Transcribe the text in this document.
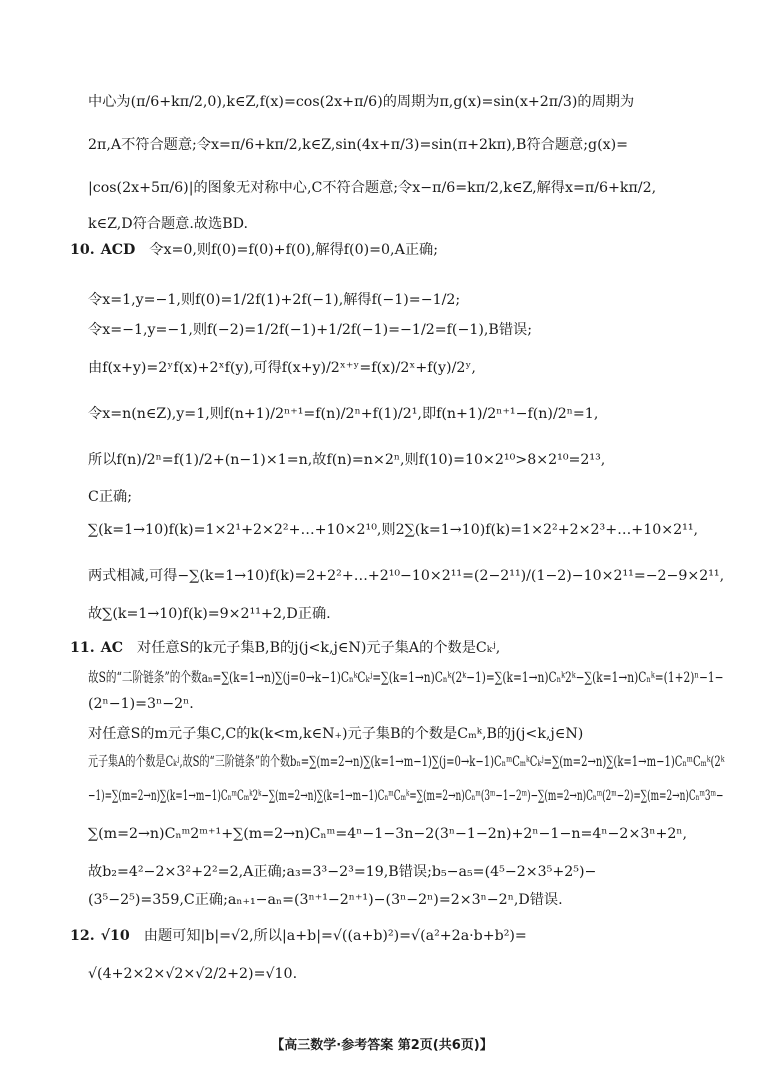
中心为(π/6+kπ/2,0),k∈Z,f(x)=cos(2x+π/6)的周期为π,g(x)=sin(x+2π/3)的周期为
2π,A不符合题意;令x=π/6+kπ/2,k∈Z,sin(4x+π/3)=sin(π+2kπ),B符合题意;g(x)=
|cos(2x+5π/6)|的图象无对称中心,C不符合题意;令x−π/6=kπ/2,k∈Z,解得x=π/6+kπ/2,
k∈Z,D符合题意.故选BD.
10. ACD 令x=0,则f(0)=f(0)+f(0),解得f(0)=0,A正确;
令x=1,y=−1,则f(0)=1/2f(1)+2f(−1),解得f(−1)=−1/2;
令x=−1,y=−1,则f(−2)=1/2f(−1)+1/2f(−1)=−1/2=f(−1),B错误;
由f(x+y)=2ʸf(x)+2ˣf(y),可得f(x+y)/2ˣ⁺ʸ=f(x)/2ˣ+f(y)/2ʸ,
令x=n(n∈Z),y=1,则f(n+1)/2ⁿ⁺¹=f(n)/2ⁿ+f(1)/2¹,即f(n+1)/2ⁿ⁺¹−f(n)/2ⁿ=1,
所以f(n)/2ⁿ=f(1)/2+(n−1)×1=n,故f(n)=n×2ⁿ,则f(10)=10×2¹⁰>8×2¹⁰=2¹³,
C正确;
∑(k=1→10)f(k)=1×2¹+2×2²+…+10×2¹⁰,则2∑(k=1→10)f(k)=1×2²+2×2³+…+10×2¹¹,
两式相减,可得−∑(k=1→10)f(k)=2+2²+…+2¹⁰−10×2¹¹=(2−2¹¹)/(1−2)−10×2¹¹=−2−9×2¹¹,
故∑(k=1→10)f(k)=9×2¹¹+2,D正确.
11. AC 对任意S的k元子集B,B的j(j<k,j∈N)元子集A的个数是Cₖʲ,
故S的“二阶链条”的个数aₙ=∑(k=1→n)∑(j=0→k−1)CₙᵏCₖʲ=∑(k=1→n)Cₙᵏ(2ᵏ−1)=∑(k=1→n)Cₙᵏ2ᵏ−∑(k=1→n)Cₙᵏ=(1+2)ⁿ−1−
(2ⁿ−1)=3ⁿ−2ⁿ.
对任意S的m元子集C,C的k(k<m,k∈N₊)元子集B的个数是Cₘᵏ,B的j(j<k,j∈N)
元子集A的个数是Cₖʲ,故S的“三阶链条”的个数bₙ=∑(m=2→n)∑(k=1→m−1)∑(j=0→k−1)CₙᵐCₘᵏCₖʲ=∑(m=2→n)∑(k=1→m−1)CₙᵐCₘᵏ(2ᵏ
−1)=∑(m=2→n)∑(k=1→m−1)CₙᵐCₘᵏ2ᵏ−∑(m=2→n)∑(k=1→m−1)CₙᵐCₘᵏ=∑(m=2→n)Cₙᵐ(3ᵐ−1−2ᵐ)−∑(m=2→n)Cₙᵐ(2ᵐ−2)=∑(m=2→n)Cₙᵐ3ᵐ−
∑(m=2→n)Cₙᵐ2ᵐ⁺¹+∑(m=2→n)Cₙᵐ=4ⁿ−1−3n−2(3ⁿ−1−2n)+2ⁿ−1−n=4ⁿ−2×3ⁿ+2ⁿ,
故b₂=4²−2×3²+2²=2,A正确;a₃=3³−2³=19,B错误;b₅−a₅=(4⁵−2×3⁵+2⁵)−
(3⁵−2⁵)=359,C正确;aₙ₊₁−aₙ=(3ⁿ⁺¹−2ⁿ⁺¹)−(3ⁿ−2ⁿ)=2×3ⁿ−2ⁿ,D错误.
12. √10 由题可知|b|=√2,所以|a+b|=√((a+b)²)=√(a²+2a·b+b²)=
√(4+2×2×√2×√2/2+2)=√10.
【高三数学·参考答案 第2页(共6页)】
